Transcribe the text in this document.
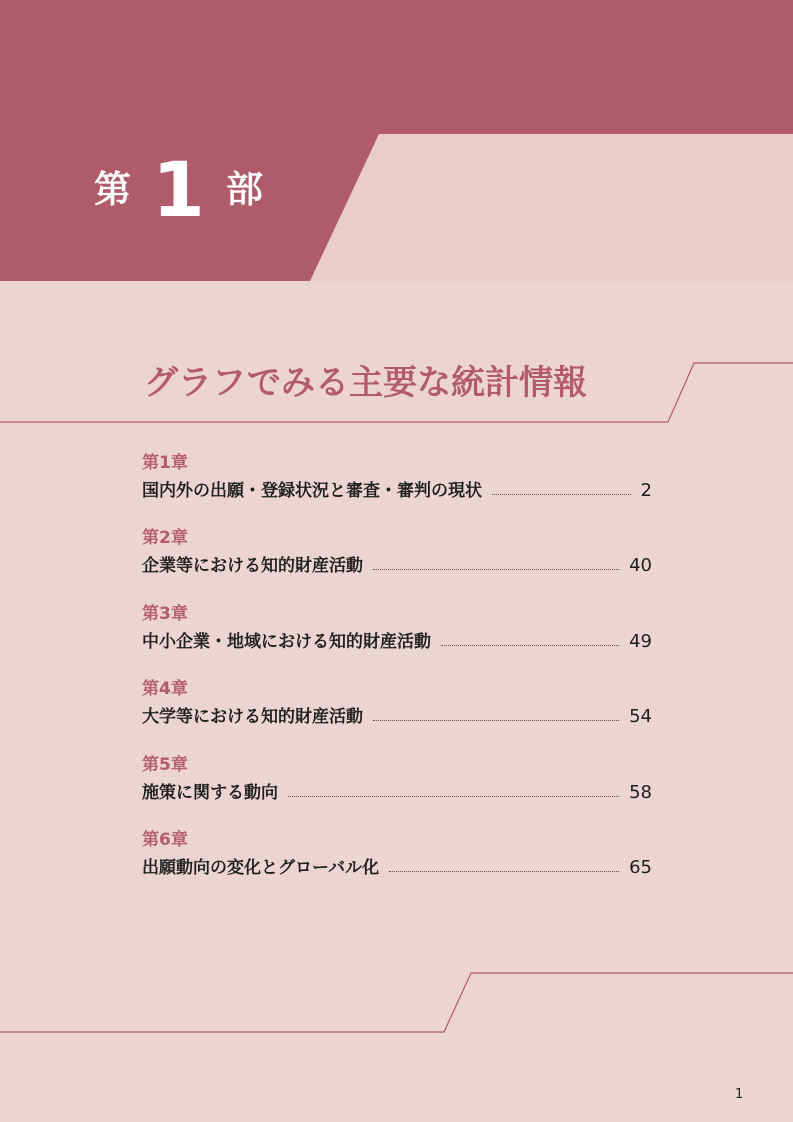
第 1 部
グラフでみる主要な統計情報
第1章
国内外の出願・登録状況と審査・審判の現状	2
第2章
企業等における知的財産活動	40
第3章
中小企業・地域における知的財産活動	49
第4章
大学等における知的財産活動	54
第5章
施策に関する動向	58
第6章
出願動向の変化とグローバル化	65
1
